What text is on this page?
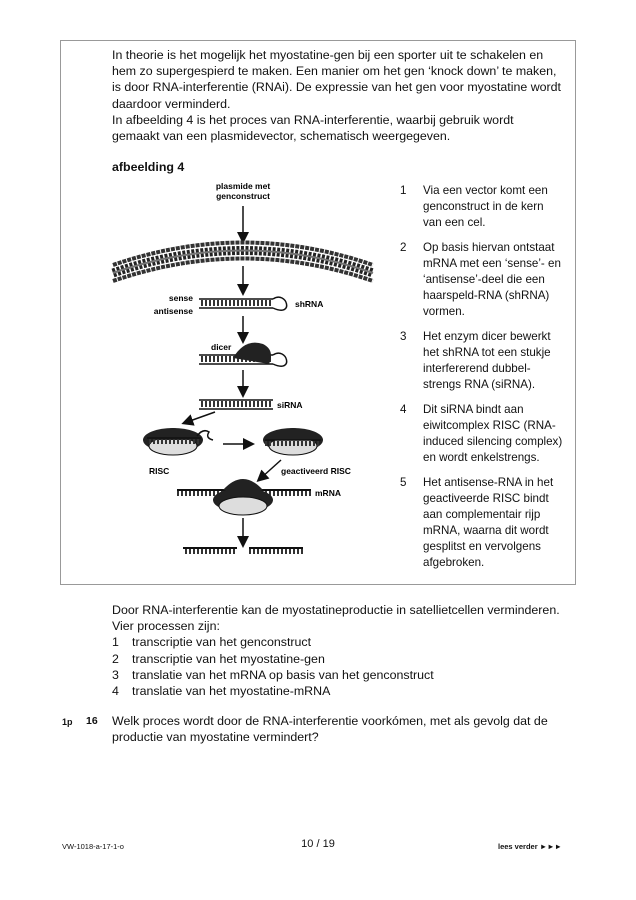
In theorie is het mogelijk het myostatine-gen bij een sporter uit te schakelen en hem zo supergespierd te maken. Een manier om het gen ‘knock down’ te maken, is door RNA-interferentie (RNAi). De expressie van het gen voor myostatine wordt daardoor verminderd.

In afbeelding 4 is het proces van RNA-interferentie, waarbij gebruik wordt gemaakt van een plasmidevector, schematisch weergegeven.

afbeelding 4

plasmide met
genconstruct
sense
antisense
shRNA
dicer
siRNA
RISC	geactiveerd RISC
mRNA
1 Via een vector komt een genconstruct in de kern van een cel.
2 Op basis hiervan ontstaat mRNA met een ‘sense’- en ‘antisense’-deel die een haarspeld-RNA (shRNA) vormen.
3 Het enzym dicer bewerkt het shRNA tot een stukje interfererend dubbel-strengs RNA (siRNA).
4 Dit siRNA bindt aan eiwitcomplex RISC (RNA-induced silencing complex) en wordt enkelstrengs.
5 Het antisense-RNA in het geactiveerde RISC bindt aan complementair rijp mRNA, waarna dit wordt gesplitst en vervolgens afgebroken.

Door RNA-interferentie kan de myostatineproductie in satellietcellen verminderen.

Vier processen zijn:

1 transcriptie van het genconstruct
2 transcriptie van het myostatine-gen
3 translatie van het mRNA op basis van het genconstruct
4 translatie van het myostatine-mRNA
1p 16 Welk proces wordt door de RNA-interferentie voorkómen, met als gevolg dat de productie van myostatine vermindert?

VW-1018-a-17-1-o	10 / 19	lees verder ►►►
